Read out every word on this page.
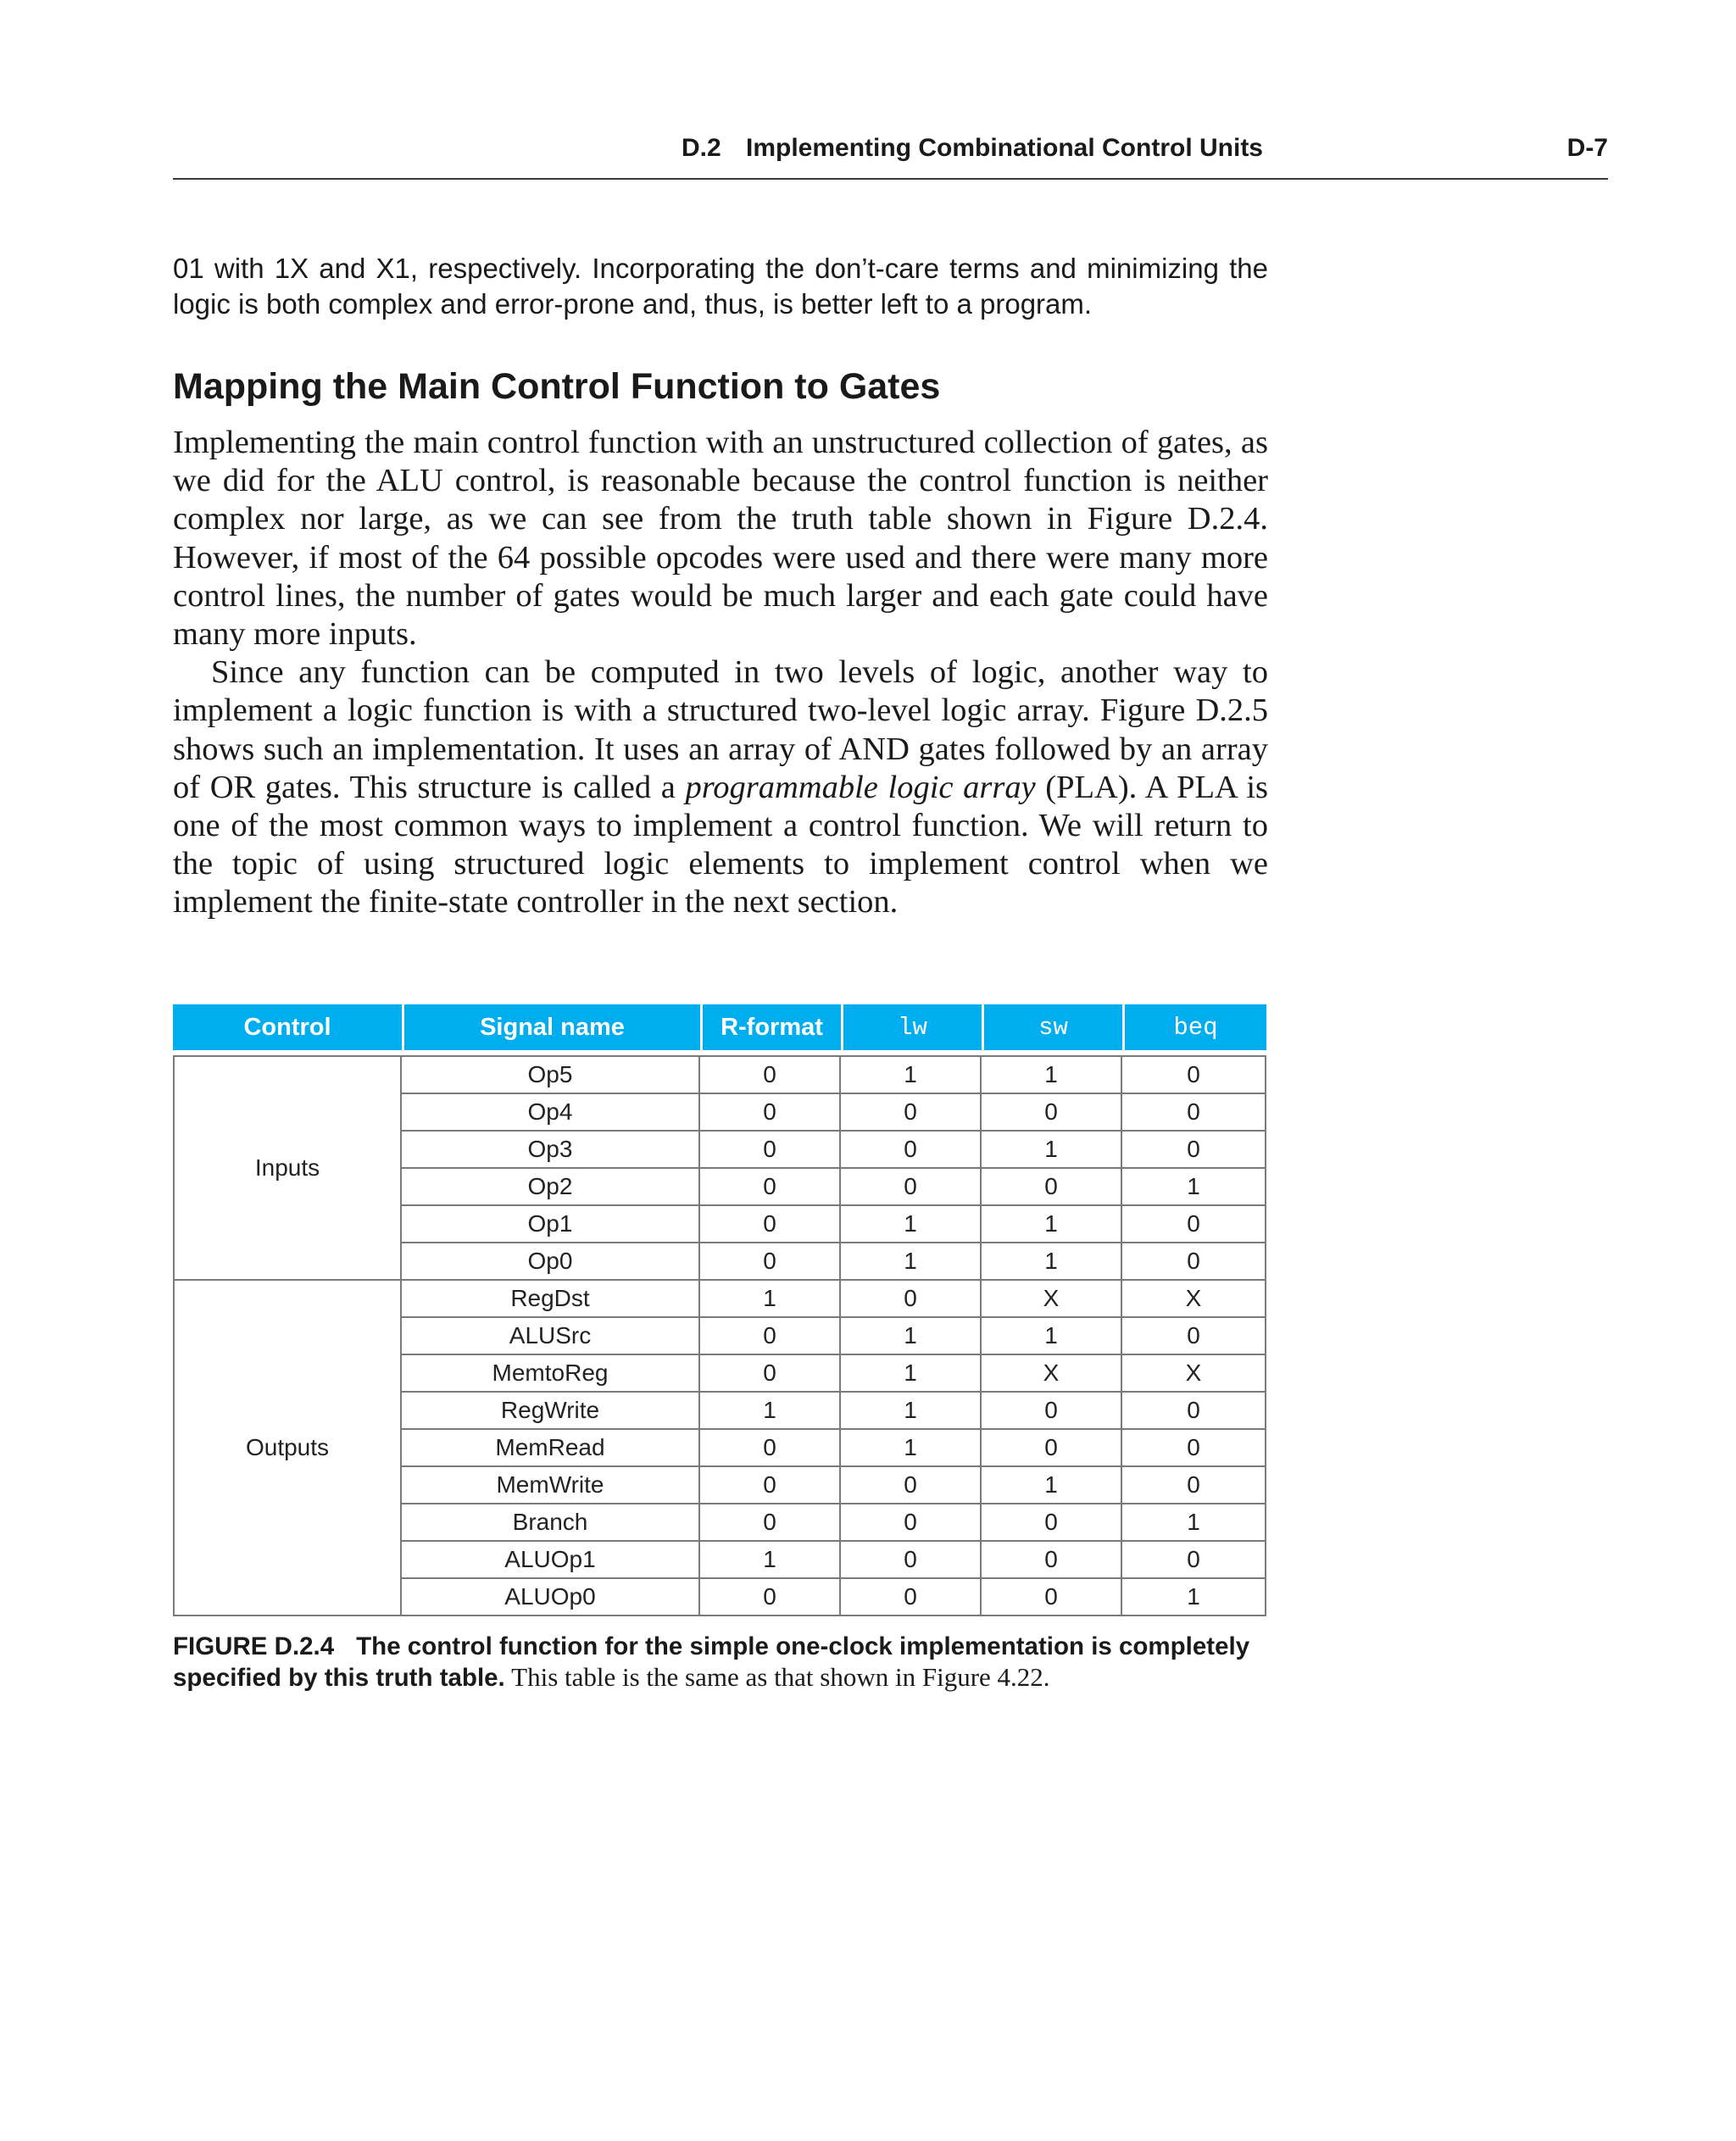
D.2 Implementing Combinational Control Units	D-7

01 with 1X and X1, respectively. Incorporating the don’t-care terms and minimizing the logic is both complex and error-prone and, thus, is better left to a program.

Mapping the Main Control Function to Gates

Implementing the main control function with an unstructured collection of gates, as we did for the ALU control, is reasonable because the control function is neither complex nor large, as we can see from the truth table shown in Figure D.2.4. However, if most of the 64 possible opcodes were used and there were many more control lines, the number of gates would be much larger and each gate could have many more inputs.

Since any function can be computed in two levels of logic, another way to implement a logic function is with a structured two-level logic array. Figure D.2.5 shows such an implementation. It uses an array of AND gates followed by an array of OR gates. This structure is called a programmable logic array (PLA). A PLA is one of the most common ways to implement a control function. We will return to the topic of using structured logic elements to implement control when we implement the finite-state controller in the next section.

Control	Signal name	R-format	lw	sw	beq

Inputs	Op5	0	1	1	0
	Op4	0	0	0	0
	Op3	0	0	1	0
	Op2	0	0	0	1
	Op1	0	1	1	0
	Op0	0	1	1	0
Outputs	RegDst	1	0	X	X
	ALUSrc	0	1	1	0
	MemtoReg	0	1	X	X
	RegWrite	1	1	0	0
	MemRead	0	1	0	0
	MemWrite	0	0	1	0
	Branch	0	0	0	1
	ALUOp1	1	0	0	0
	ALUOp0	0	0	0	1
FIGURE D.2.4 The control function for the simple one-clock implementation is completely specified by this truth table. This table is the same as that shown in Figure 4.22.
